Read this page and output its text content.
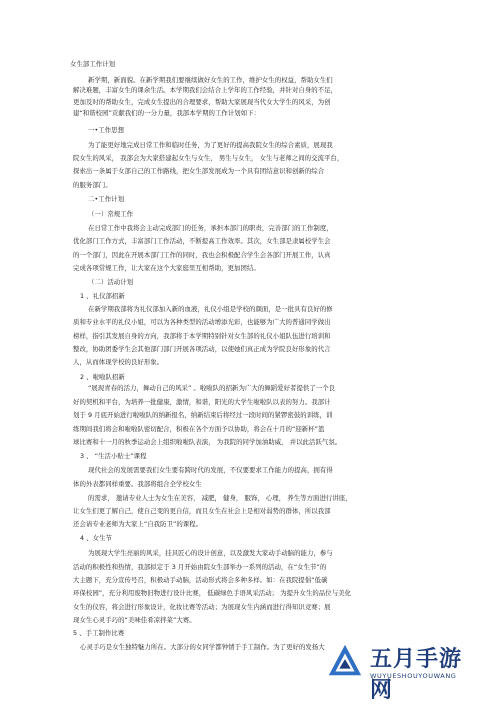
女生部工作计划
新学期，新面貌。在新学期我们要继续做好女生的工作，维护女生的权益，帮助女生们
解决难题，丰富女生的课余生活。本学期我们会结合上学年的工作经验，并针对自身的不足，
更加及时的帮助女生，完成女生提出的合理要求，帮助大家展现当代女大学生的风采，为创
建“和谐校园”贡献我们的一分力量，我部本学期的工作计划如下：
一•工作思想
为了能更好地完成日常工作和临时任务，为了更好的提高我院女生的综合素质，展现我
院女生的风采， 我部会为大家搭建起女生与女生， 男生与女生， 女生与老师之间的交流平台，
探索出一条属于女部自己的工作路线，把女生部发展成为一个具有团结意识和创新的综合
的服务部门。
二•工作计划
（一）常规工作
在日常工作中我将会主动完成部门的任务，承担本部门的职责，完善部门的工作制度，
优化部门工作方式，丰富部门工作活动，不断提高工作效率。其次，女生部是隶属校学生会
的一个部门，因此在开展本部门工作的同时，我也会积极配合学生会各部门开展工作，认真
完成各项常规工作，让大家在这个大家庭里互相帮助，更加团结。
（二）活动计划
1 、礼仪部招新
在新学期我部将为礼仪部加入新的血液，礼仪小组是学校的颜面，是一批具有良好的修
质和专业水平的礼仪小姐，可以为各种类型的活动增添光彩，也能够为广大的普通同学做出
榜样，指引其发展自身的方向，我部将于本学期特别针对女生部的礼仪小姐队伍进行培训和
整改，协助团委学生会其他部门部门开展各项活动，以使她们真正成为学院良好形象的代言
人，从而体现学校的良好形象。
2 、啦啦队招新
“展现青春的活力，舞动自己的风采” 。啦啦队的招新为广大的舞蹈爱好者提供了一个良
好的契机和平台，为培养一批健康，激情，和谐，阳光的大学生啦啦队以表的努力。我部计
划于 9 月底开始进行啦啦队的纳新报名，纳新结束后将经过一段时间的紧锣密鼓的训练，训
练期间我们将会和啦啦队密切配合，积极在各个方面予以协助，将会在十月的“迎新杯”篮
球比赛和十一月的秋季运动会上组织啦啦队表演， 为我院的同学加油助威， 并以此活跃气氛。
3 、 “生活小贴士”课程
现代社会的发展需要我们女生要有跨时代的发展，不仅要要求工作能力的提高，拥有得
体的外表都同样重要。我部将组合全学校女生
的需求， 邀请专业人士为女生在美容， 减肥， 健身， 服饰， 心理， 养生等方面进行讲座，
让女生们更了解自己，使自己变的更自信，而且女生在社会上是相对弱势的群体，所以我部
还会请专业老师为大家上“自我防卫”的课程。
4 、女生节
为展现大学生亮丽的风采，挂具匠心的设计创意，以及激发大家动手动脑的能力，参与
活动的积极性和热情，我部拟定于 3 月开始由院女生部举办一系列的活动，在“女生节”的
大主题下，充分宣传号召，积极动手动脑，活动形式将会多种多样。如：在我院提倡“低碳
环保校园”，充分利用废物旧物进行设计比赛， 低碳绿色手语风采活动； 为提升女生的品位与美化
女生的仪容，将会进行形象设计，化妆比赛等活动；为展现女生内涵而进行得知识竞赛；展
现女生心灵手巧的“美味佳肴凉拌菜”大赛。
5 、手工制作比赛
心灵手巧是女生独特魅力所在。大部分的女同学都钟情于手工制作。为了更好的发扬大 五月手游网
WUYUESHOUYOUWANG
